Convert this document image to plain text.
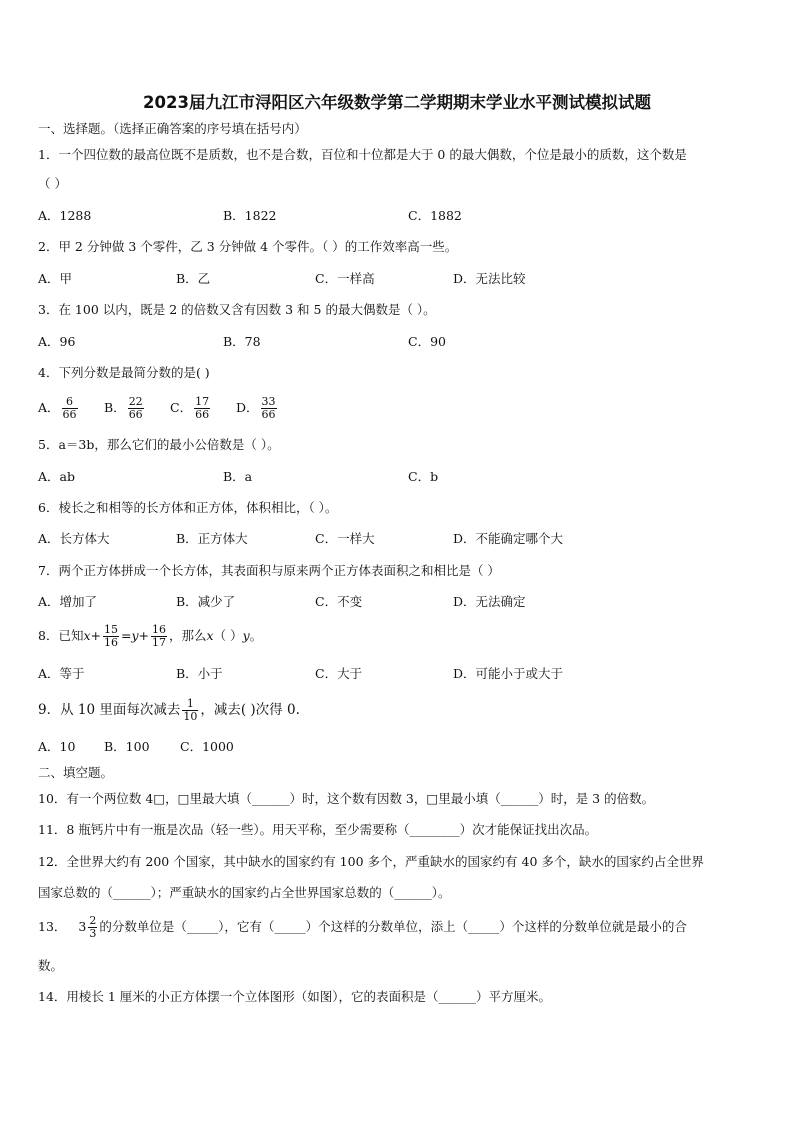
2023届九江市浔阳区六年级数学第二学期期末学业水平测试模拟试题
一、选择题。（选择正确答案的序号填在括号内）
1．一个四位数的最高位既不是质数，也不是合数，百位和十位都是大于 0 的最大偶数，个位是最小的质数，这个数是
（ ）
A．1288	B．1822	C．1882
2．甲 2 分钟做 3 个零件，乙 3 分钟做 4 个零件。（ ）的工作效率高一些。
A．甲	B．乙	C．一样高	D．无法比较
3．在 100 以内，既是 2 的倍数又含有因数 3 和 5 的最大偶数是（ ）。
A．96	B．78	C．90
4．下列分数是最简分数的是( )
A． $\frac{6}{66}$ B． $\frac{22}{66}$ C． $\frac{17}{66}$ D． $\frac{33}{66}$
5．a＝3b，那么它们的最小公倍数是（ ）。
A．ab	B．a	C．b
6．棱长之和相等的长方体和正方体，体积相比，（ ）。
A．长方体大	B．正方体大	C．一样大	D．不能确定哪个大
7．两个正方体拼成一个长方体，其表面积与原来两个正方体表面积之和相比是（ ）
A．增加了	B．减少了	C．不变	D．无法确定
8．已知$x+ \frac{15}{16} =y+ \frac{16}{17}$ ，那么x（ ）y。
A．等于	B．小于	C．大于	D．可能小于或大于
9．从 10 里面每次减去 $\frac{1}{10}$ ，减去( )次得 0.
A．10 B．100 C．1000
二、填空题。
10．有一个两位数 4□，□里最大填（______）时，这个数有因数 3，□里最小填（______）时，是 3 的倍数。
11．8 瓶钙片中有一瓶是次品（轻一些）。用天平称，至少需要称（________）次才能保证找出次品。
12．全世界大约有 200 个国家，其中缺水的国家约有 100 多个，严重缺水的国家约有 40 多个，缺水的国家约占全世界
国家总数的（______）；严重缺水的国家约占全世界国家总数的（______）。
13． $3 \frac{2}{3}$ 的分数单位是（_____），它有（_____）个这样的分数单位，添上（_____）个这样的分数单位就是最小的合
数。
14．用棱长 1 厘米的小正方体摆一个立体图形（如图），它的表面积是（______）平方厘米。
